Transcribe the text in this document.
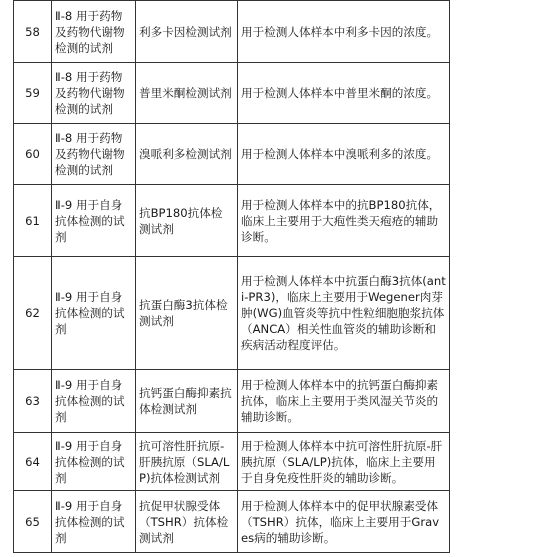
58	Ⅱ-8 用于药物及药物代谢物检测的试剂	利多卡因检测试剂	用于检测人体样本中利多卡因的浓度。	
59	Ⅱ-8 用于药物及药物代谢物检测的试剂	普里米酮检测试剂	用于检测人体样本中普里米酮的浓度。	
60	Ⅱ-8 用于药物及药物代谢物检测的试剂	溴哌利多检测试剂	用于检测人体样本中溴哌利多的浓度。	
61	Ⅱ-9 用于自身抗体检测的试剂	抗BP180抗体检测试剂	用于检测人体样本中的抗BP180抗体，临床上主要用于大疱性类天疱疮的辅助诊断。	
62	Ⅱ-9 用于自身抗体检测的试剂	抗蛋白酶3抗体检测试剂	用于检测人体样本中抗蛋白酶3抗体(anti-PR3)，临床上主要用于Wegener肉芽肿(WG)血管炎等抗中性粒细胞胞浆抗体（ANCA）相关性血管炎的辅助诊断和疾病活动程度评估。	
63	Ⅱ-9 用于自身抗体检测的试剂	抗钙蛋白酶抑素抗体检测试剂	用于检测人体样本中的抗钙蛋白酶抑素抗体，临床上主要用于类风湿关节炎的辅助诊断。	
64	Ⅱ-9 用于自身抗体检测的试剂	抗可溶性肝抗原-肝胰抗原（SLA/LP)抗体检测试剂	用于检测人体样本中抗可溶性肝抗原-肝胰抗原（SLA/LP)抗体，临床上主要用于自身免疫性肝炎的辅助诊断。	
65	Ⅱ-9 用于自身抗体检测的试剂	抗促甲状腺受体（TSHR）抗体检测试剂	用于检测人体样本中的促甲状腺素受体（TSHR）抗体，临床上主要用于Graves病的辅助诊断。	
